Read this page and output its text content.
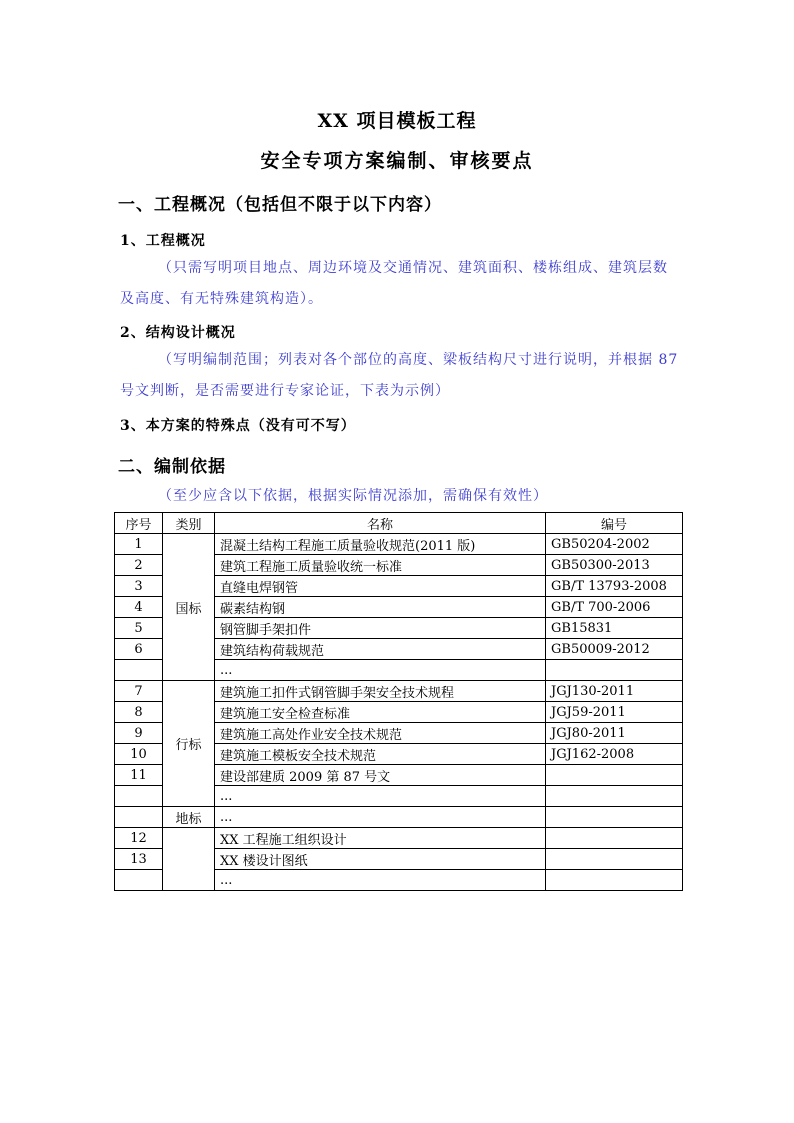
XX 项目模板工程
安全专项方案编制、审核要点
一、工程概况（包括但不限于以下内容）
1、工程概况
（只需写明项目地点、周边环境及交通情况、建筑面积、楼栋组成、建筑层数及高度、有无特殊建筑构造）。
2、结构设计概况
（写明编制范围；列表对各个部位的高度、梁板结构尺寸进行说明，并根据 87 号文判断，是否需要进行专家论证，下表为示例）
3、本方案的特殊点（没有可不写）
二、编制依据
（至少应含以下依据，根据实际情况添加，需确保有效性）
序号	类别	名称	编号
1	国标	混凝土结构工程施工质量验收规范(2011 版)	GB50204-2002
2		建筑工程施工质量验收统一标准	GB50300-2013
3		直缝电焊钢管	GB/T 13793-2008
4		碳素结构钢	GB/T 700-2006
5		钢管脚手架扣件	GB15831
6		建筑结构荷载规范	GB50009-2012
		...	
7	行标	建筑施工扣件式钢管脚手架安全技术规程	JGJ130-2011
8		建筑施工安全检查标准	JGJ59-2011
9		建筑施工高处作业安全技术规范	JGJ80-2011
10		建筑施工模板安全技术规范	JGJ162-2008
11		建设部建质 2009 第 87 号文	
		...	
	地标	...	
12		XX 工程施工组织设计	
13		XX 楼设计图纸	
		...	
